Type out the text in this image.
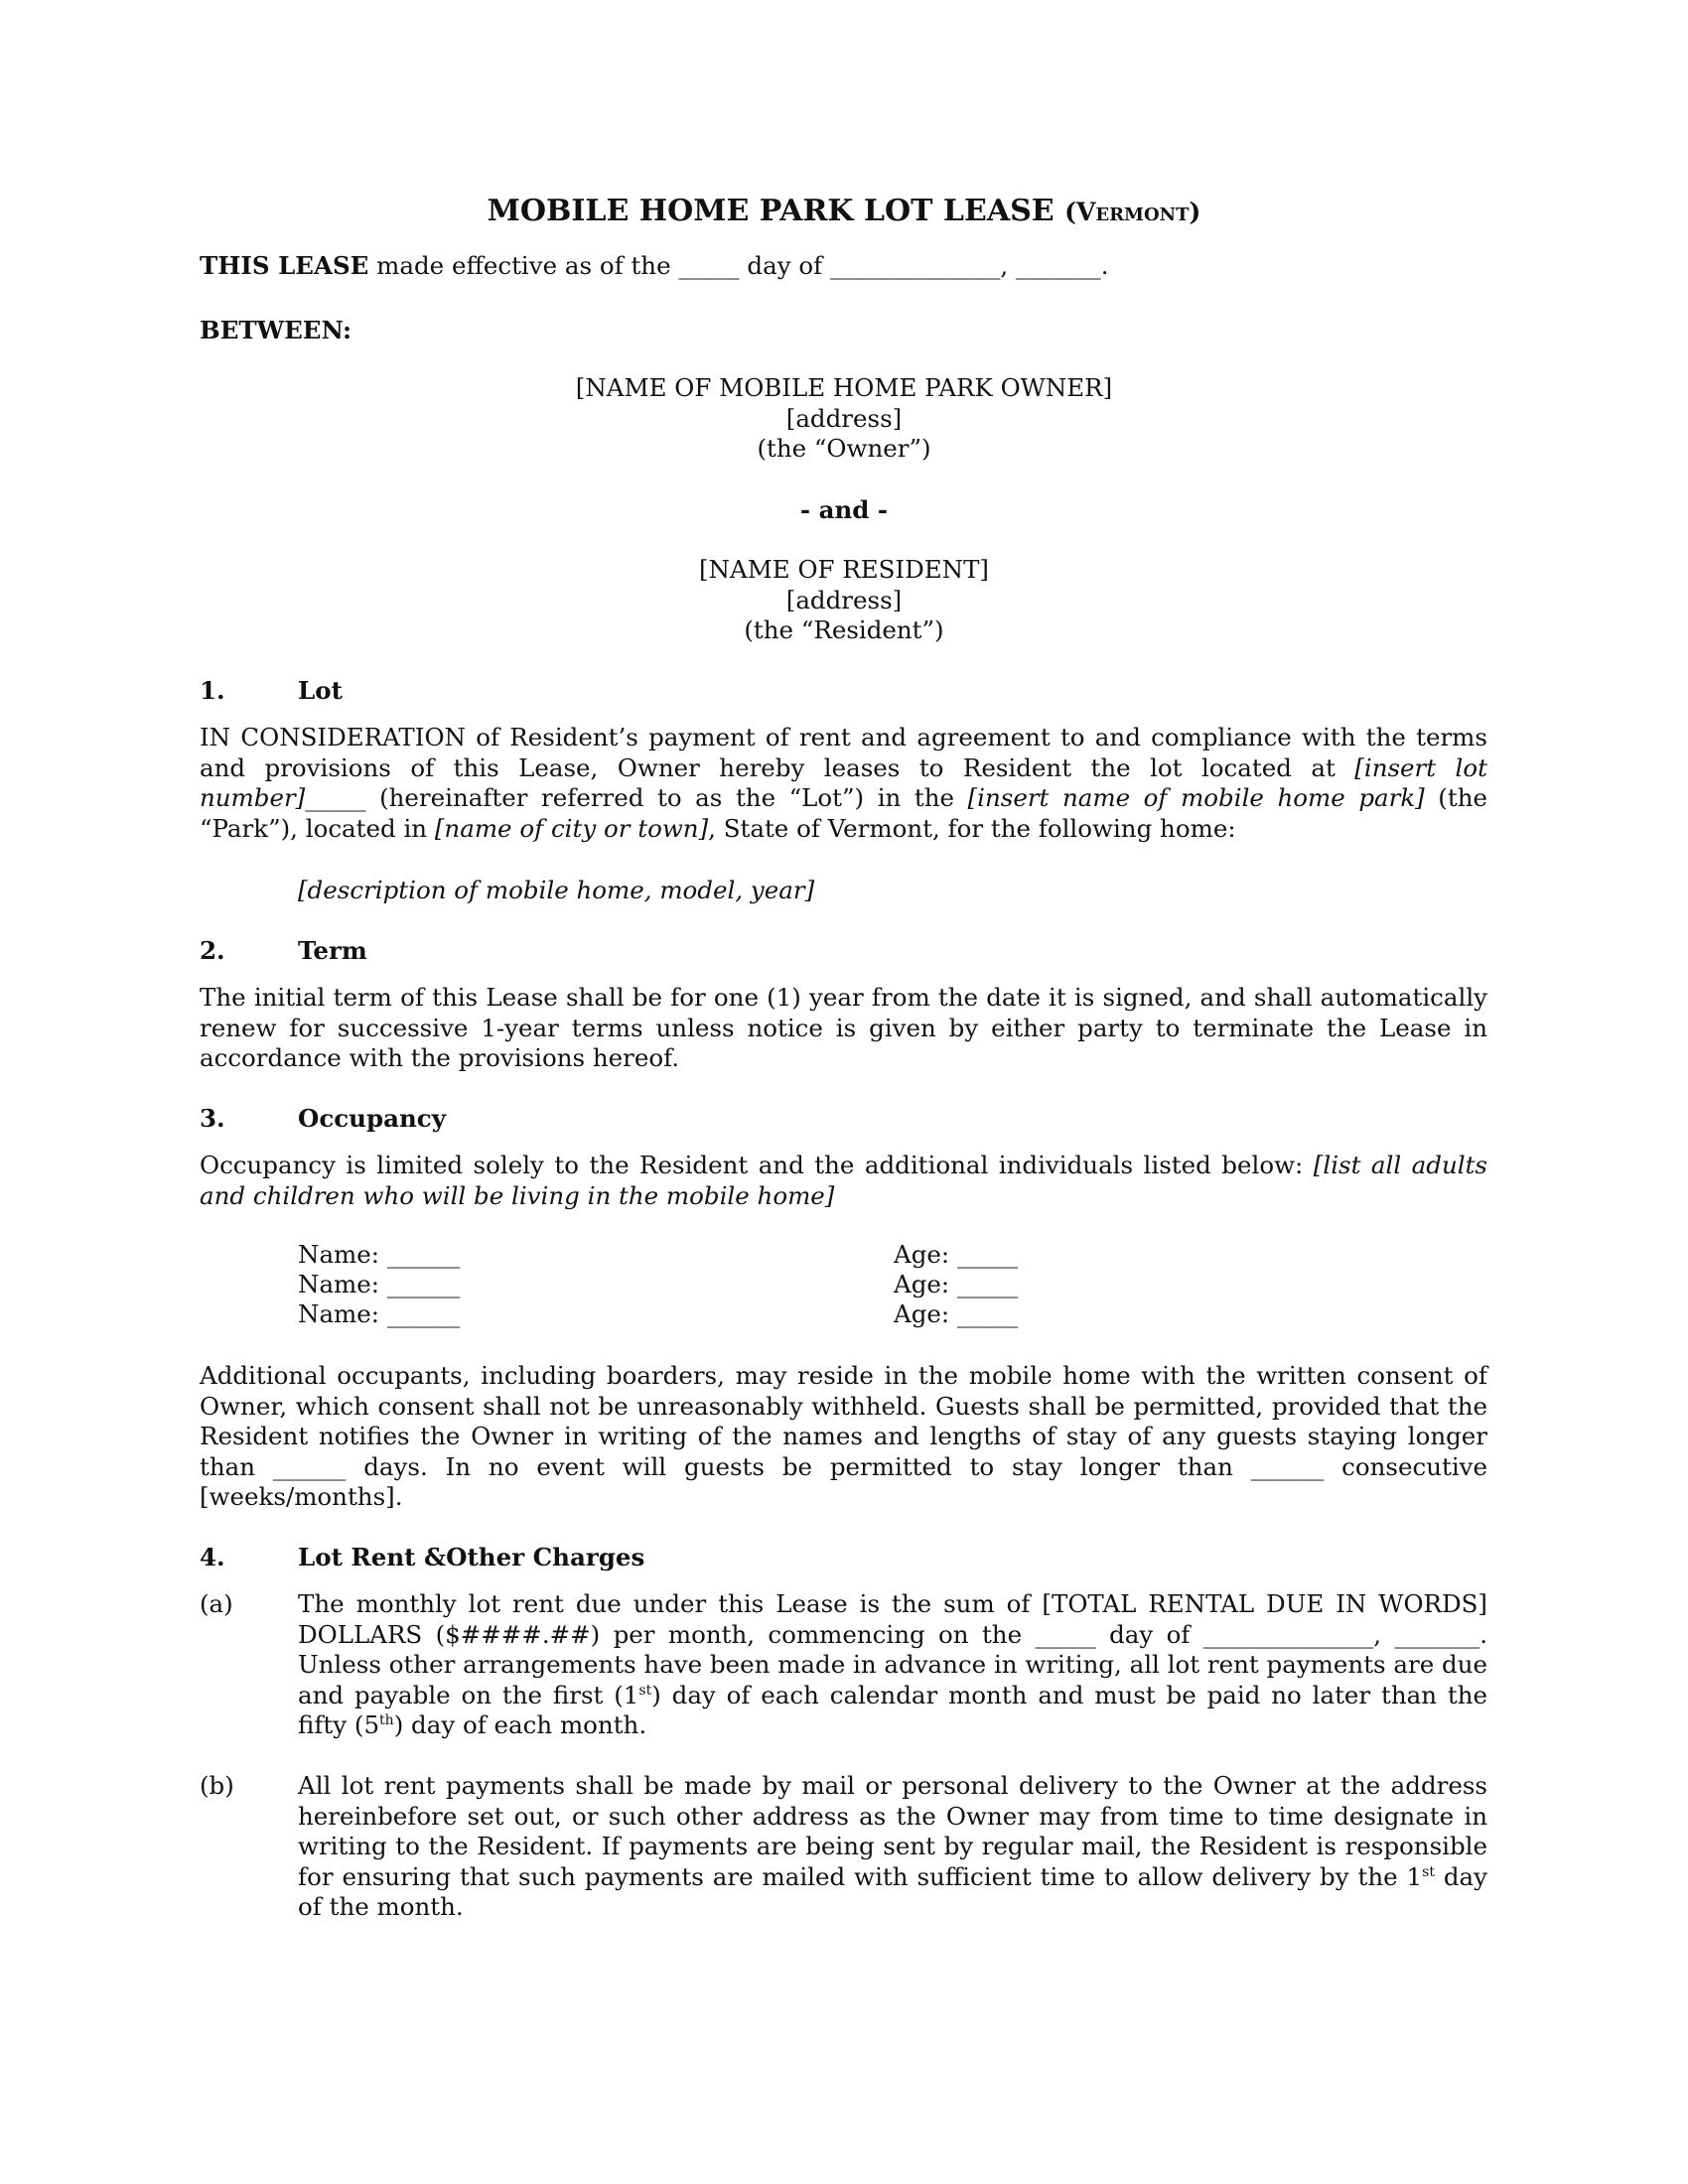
MOBILE HOME PARK LOT LEASE (Vermont)
THIS LEASE made effective as of the _____ day of ______________, _______.
BETWEEN:
[NAME OF MOBILE HOME PARK OWNER]
[address]
(the “Owner”)
- and -
[NAME OF RESIDENT]
[address]
(the “Resident”)
1.	Lot
IN CONSIDERATION of Resident’s payment of rent and agreement to and compliance with the terms and provisions of this Lease, Owner hereby leases to Resident the lot located at [insert lot number]_____ (hereinafter referred to as the “Lot”) in the [insert name of mobile home park] (the “Park”), located in [name of city or town], State of Vermont, for the following home:
[description of mobile home, model, year]
2.	Term
The initial term of this Lease shall be for one (1) year from the date it is signed, and shall automatically renew for successive 1-year terms unless notice is given by either party to terminate the Lease in accordance with the provisions hereof.
3.	Occupancy
Occupancy is limited solely to the Resident and the additional individuals listed below: [list all adults and children who will be living in the mobile home]
Name: ______	Age: _____
Name: ______	Age: _____
Name: ______	Age: _____
Additional occupants, including boarders, may reside in the mobile home with the written consent of Owner, which consent shall not be unreasonably withheld. Guests shall be permitted, provided that the Resident notifies the Owner in writing of the names and lengths of stay of any guests staying longer than ______ days. In no event will guests be permitted to stay longer than ______ consecutive [weeks/months].
4.	Lot Rent &Other Charges
(a)	The monthly lot rent due under this Lease is the sum of [TOTAL RENTAL DUE IN WORDS] DOLLARS ($####.##) per month, commencing on the _____ day of ______________, _______. Unless other arrangements have been made in advance in writing, all lot rent payments are due and payable on the first (1st) day of each calendar month and must be paid no later than the fifty (5th) day of each month.
(b)	All lot rent payments shall be made by mail or personal delivery to the Owner at the address hereinbefore set out, or such other address as the Owner may from time to time designate in writing to the Resident. If payments are being sent by regular mail, the Resident is responsible for ensuring that such payments are mailed with sufficient time to allow delivery by the 1st day of the month.
